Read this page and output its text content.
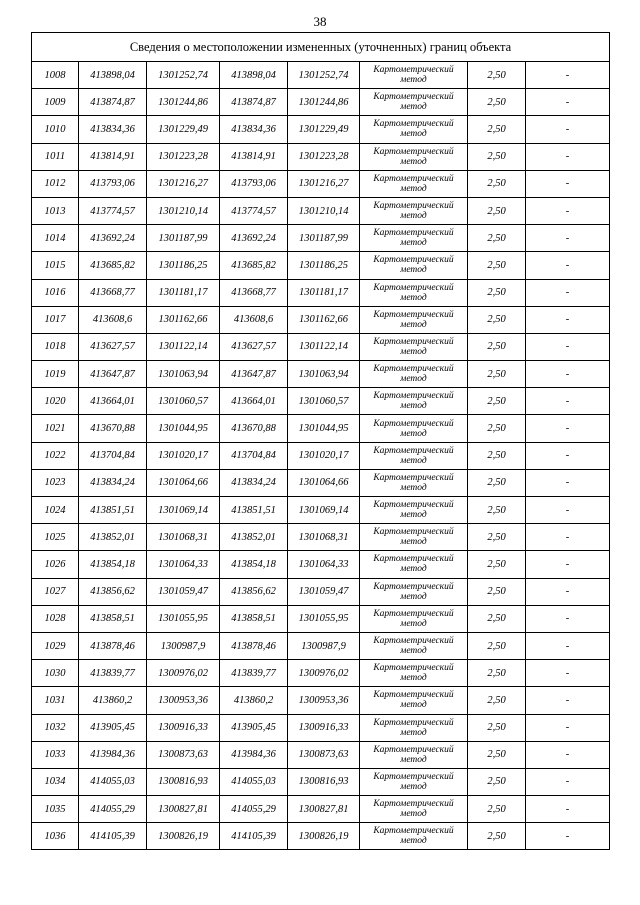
38
Сведения о местоположении измененных (уточненных) границ объекта							
1008	413898,04	1301252,74	413898,04	1301252,74	Картометрический
метод	2,50	-
1009	413874,87	1301244,86	413874,87	1301244,86	Картометрический
метод	2,50	-
1010	413834,36	1301229,49	413834,36	1301229,49	Картометрический
метод	2,50	-
1011	413814,91	1301223,28	413814,91	1301223,28	Картометрический
метод	2,50	-
1012	413793,06	1301216,27	413793,06	1301216,27	Картометрический
метод	2,50	-
1013	413774,57	1301210,14	413774,57	1301210,14	Картометрический
метод	2,50	-
1014	413692,24	1301187,99	413692,24	1301187,99	Картометрический
метод	2,50	-
1015	413685,82	1301186,25	413685,82	1301186,25	Картометрический
метод	2,50	-
1016	413668,77	1301181,17	413668,77	1301181,17	Картометрический
метод	2,50	-
1017	413608,6	1301162,66	413608,6	1301162,66	Картометрический
метод	2,50	-
1018	413627,57	1301122,14	413627,57	1301122,14	Картометрический
метод	2,50	-
1019	413647,87	1301063,94	413647,87	1301063,94	Картометрический
метод	2,50	-
1020	413664,01	1301060,57	413664,01	1301060,57	Картометрический
метод	2,50	-
1021	413670,88	1301044,95	413670,88	1301044,95	Картометрический
метод	2,50	-
1022	413704,84	1301020,17	413704,84	1301020,17	Картометрический
метод	2,50	-
1023	413834,24	1301064,66	413834,24	1301064,66	Картометрический
метод	2,50	-
1024	413851,51	1301069,14	413851,51	1301069,14	Картометрический
метод	2,50	-
1025	413852,01	1301068,31	413852,01	1301068,31	Картометрический
метод	2,50	-
1026	413854,18	1301064,33	413854,18	1301064,33	Картометрический
метод	2,50	-
1027	413856,62	1301059,47	413856,62	1301059,47	Картометрический
метод	2,50	-
1028	413858,51	1301055,95	413858,51	1301055,95	Картометрический
метод	2,50	-
1029	413878,46	1300987,9	413878,46	1300987,9	Картометрический
метод	2,50	-
1030	413839,77	1300976,02	413839,77	1300976,02	Картометрический
метод	2,50	-
1031	413860,2	1300953,36	413860,2	1300953,36	Картометрический
метод	2,50	-
1032	413905,45	1300916,33	413905,45	1300916,33	Картометрический
метод	2,50	-
1033	413984,36	1300873,63	413984,36	1300873,63	Картометрический
метод	2,50	-
1034	414055,03	1300816,93	414055,03	1300816,93	Картометрический
метод	2,50	-
1035	414055,29	1300827,81	414055,29	1300827,81	Картометрический
метод	2,50	-
1036	414105,39	1300826,19	414105,39	1300826,19	Картометрический
метод	2,50	-
